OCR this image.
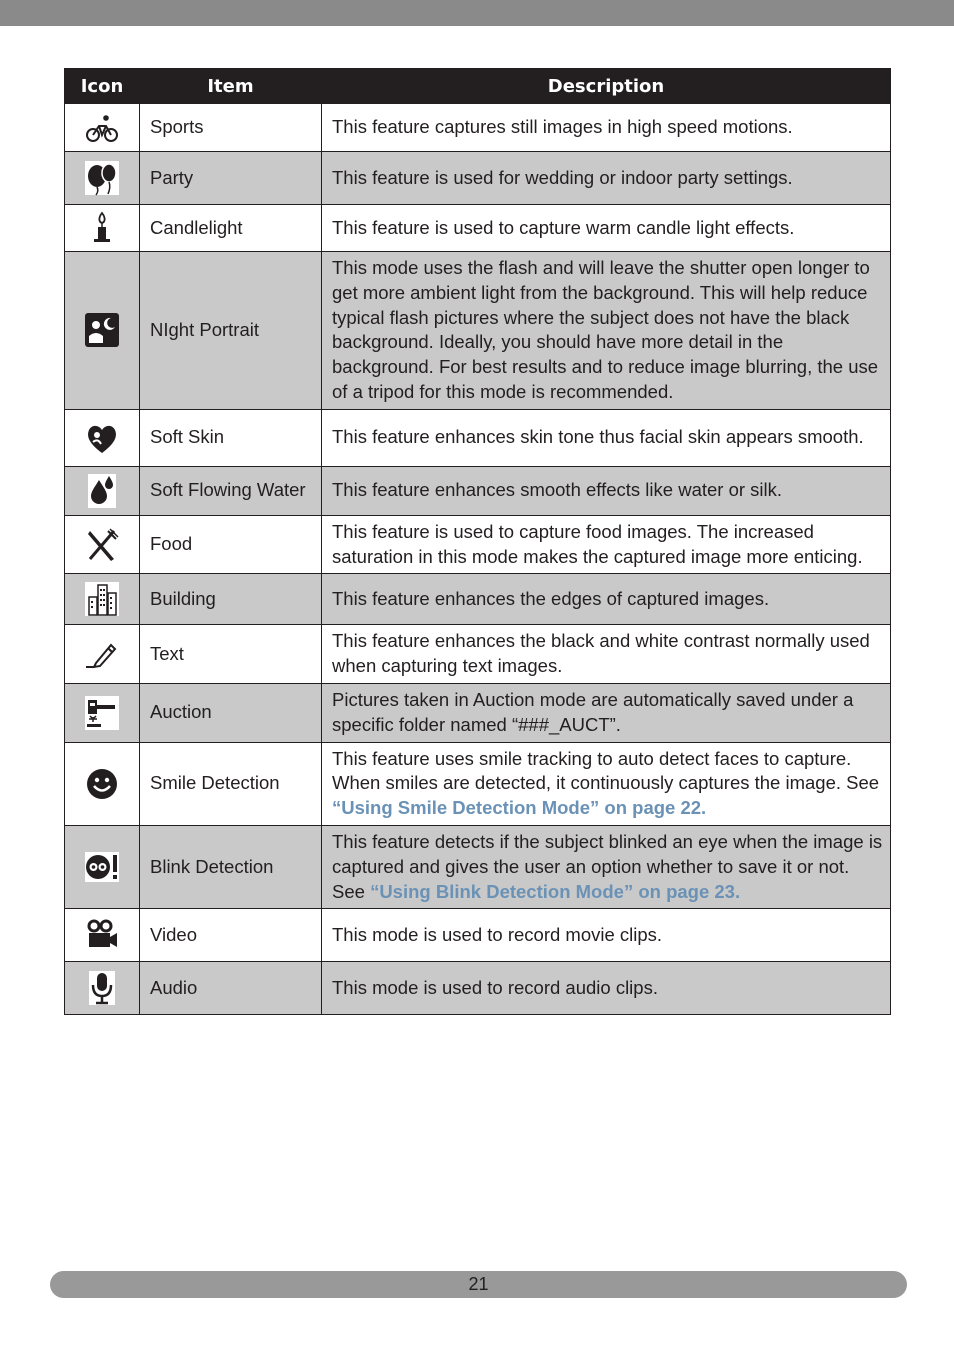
Icon	Item	Description
	Sports	This feature captures still images in high speed motions.
	Party	This feature is used for wedding or indoor party settings.
	Candlelight	This feature is used to capture warm candle light effects.
	NIght Portrait	This mode uses the flash and will leave the shutter open longer to get more ambient light from the background. This will help reduce typical flash pictures where the subject does not have the black background. Ideally, you should have more detail in the background. For best results and to reduce image blurring, the use of a tripod for this mode is recommended.
	Soft Skin	This feature enhances skin tone thus facial skin appears smooth.
	Soft Flowing Water	This feature enhances smooth effects like water or silk.
	Food	This feature is used to capture food images. The increased saturation in this mode makes the captured image more enticing.
	Building	This feature enhances the edges of captured images.
	Text	This feature enhances the black and white contrast normally used when capturing text images.
	Auction	Pictures taken in Auction mode are automatically saved under a specific folder named “###_AUCT”.
	Smile Detection	This feature uses smile tracking to auto detect faces to capture. When smiles are detected, it continuously captures the image. See “Using Smile Detection Mode” on page 22.
	Blink Detection	This feature detects if the subject blinked an eye when the image is captured and gives the user an option whether to save it or not. See “Using Blink Detection Mode” on page 23.
	Video	This mode is used to record movie clips.
	Audio	This mode is used to record audio clips.
21
